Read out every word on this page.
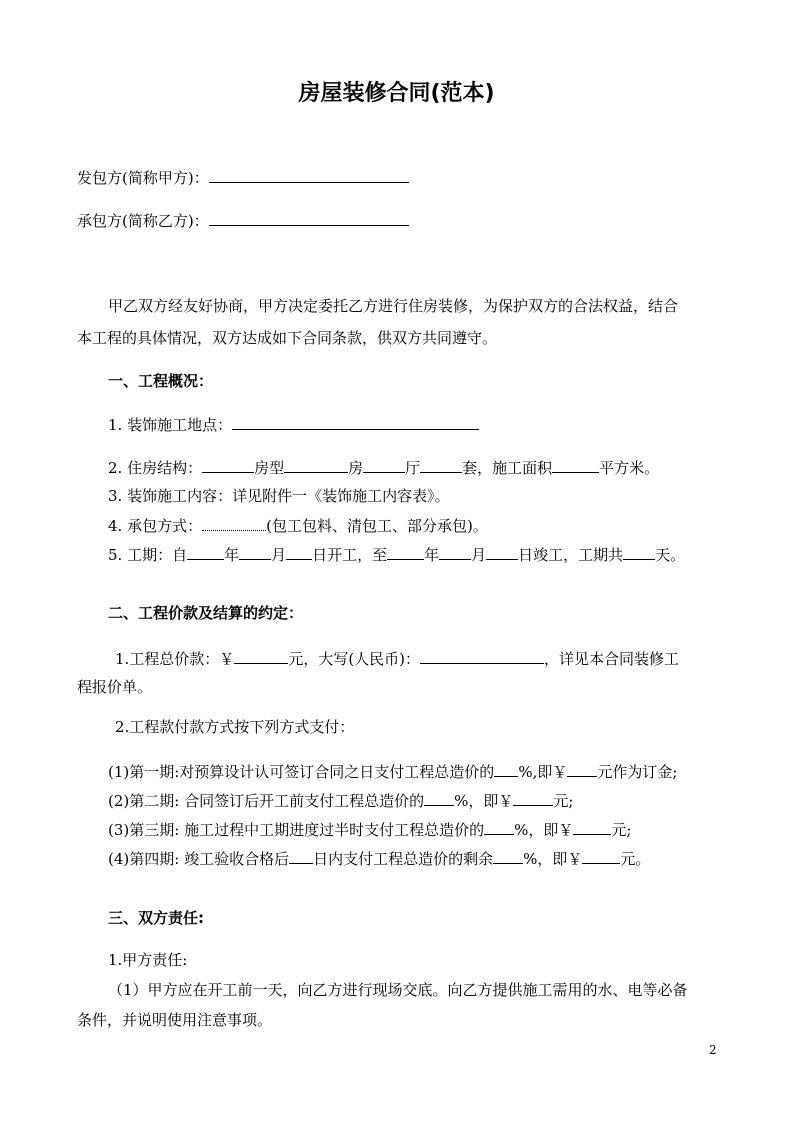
房屋装修合同(范本)
发包方(简称甲方)：
承包方(简称乙方)：
甲乙双方经友好协商，甲方决定委托乙方进行住房装修，为保护双方的合法权益，结合
本工程的具体情况，双方达成如下合同条款，供双方共同遵守。
一、工程概况：
1. 装饰施工地点：
2. 住房结构：	房型	房	厅	套，施工面积	平方米。
3. 装饰施工内容：详见附件一《装饰施工内容表》。
4. 承包方式：	(包工包料、清包工、部分承包)。
5. 工期：自 年 月 日开工，至 年 月 日竣工，工期共 天。
二、工程价款及结算的约定：
1.工程总价款：￥	元，大写(人民币)：	，详见本合同装修工
程报价单。
2.工程款付款方式按下列方式支付：
(1)第一期:对预算设计认可签订合同之日支付工程总造价的 %,即￥ 元作为订金;
(2)第二期: 合同签订后开工前支付工程总造价的 %，即￥	元;
(3)第三期: 施工过程中工期进度过半时支付工程总造价的 %，即￥	元;
(4)第四期: 竣工验收合格后 日内支付工程总造价的剩余 %，即￥	元。
三、双方责任:
1.甲方责任:
（1）甲方应在开工前一天，向乙方进行现场交底。向乙方提供施工需用的水、电等必备
条件，并说明使用注意事项。
2
